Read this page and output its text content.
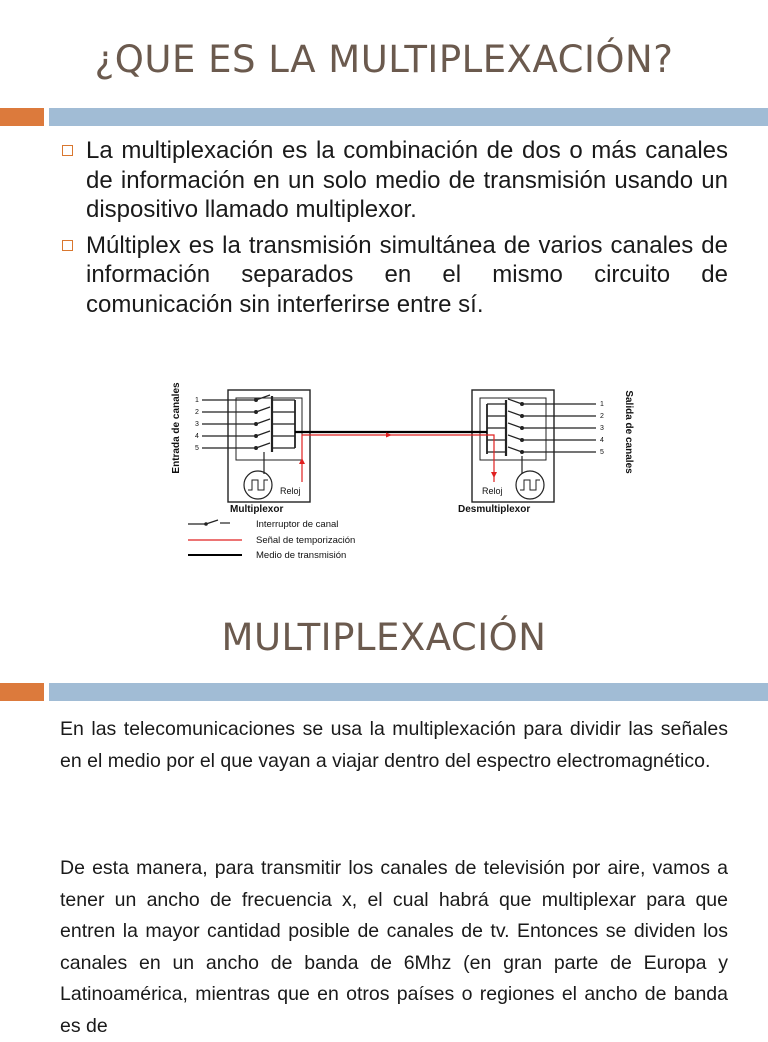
¿QUE ES LA MULTIPLEXACIÓN?
La multiplexación es la combinación de dos o más canales de información en un solo medio de transmisión usando un dispositivo llamado multiplexor.
Múltiplex es la transmisión simultánea de varios canales de información separados en el mismo circuito de comunicación sin interferirse entre sí.
Entrada de canales	Salida de canales
1
2
3
4
5
1
2
3
4
5
Reloj	Reloj
Multiplexor	Desmultiplexor
Interruptor de canal
Señal de temporización
Medio de transmisión
MULTIPLEXACIÓN
En las telecomunicaciones se usa la multiplexación para dividir las señales en el medio por el que vayan a viajar dentro del espectro electromagnético.
De esta manera, para transmitir los canales de televisión por aire, vamos a tener un ancho de frecuencia x, el cual habrá que multiplexar para que entren la mayor cantidad posible de canales de tv. Entonces se dividen los canales en un ancho de banda de 6Mhz (en gran parte de Europa y Latinoamérica, mientras que en otros países o regiones el ancho de banda es de
